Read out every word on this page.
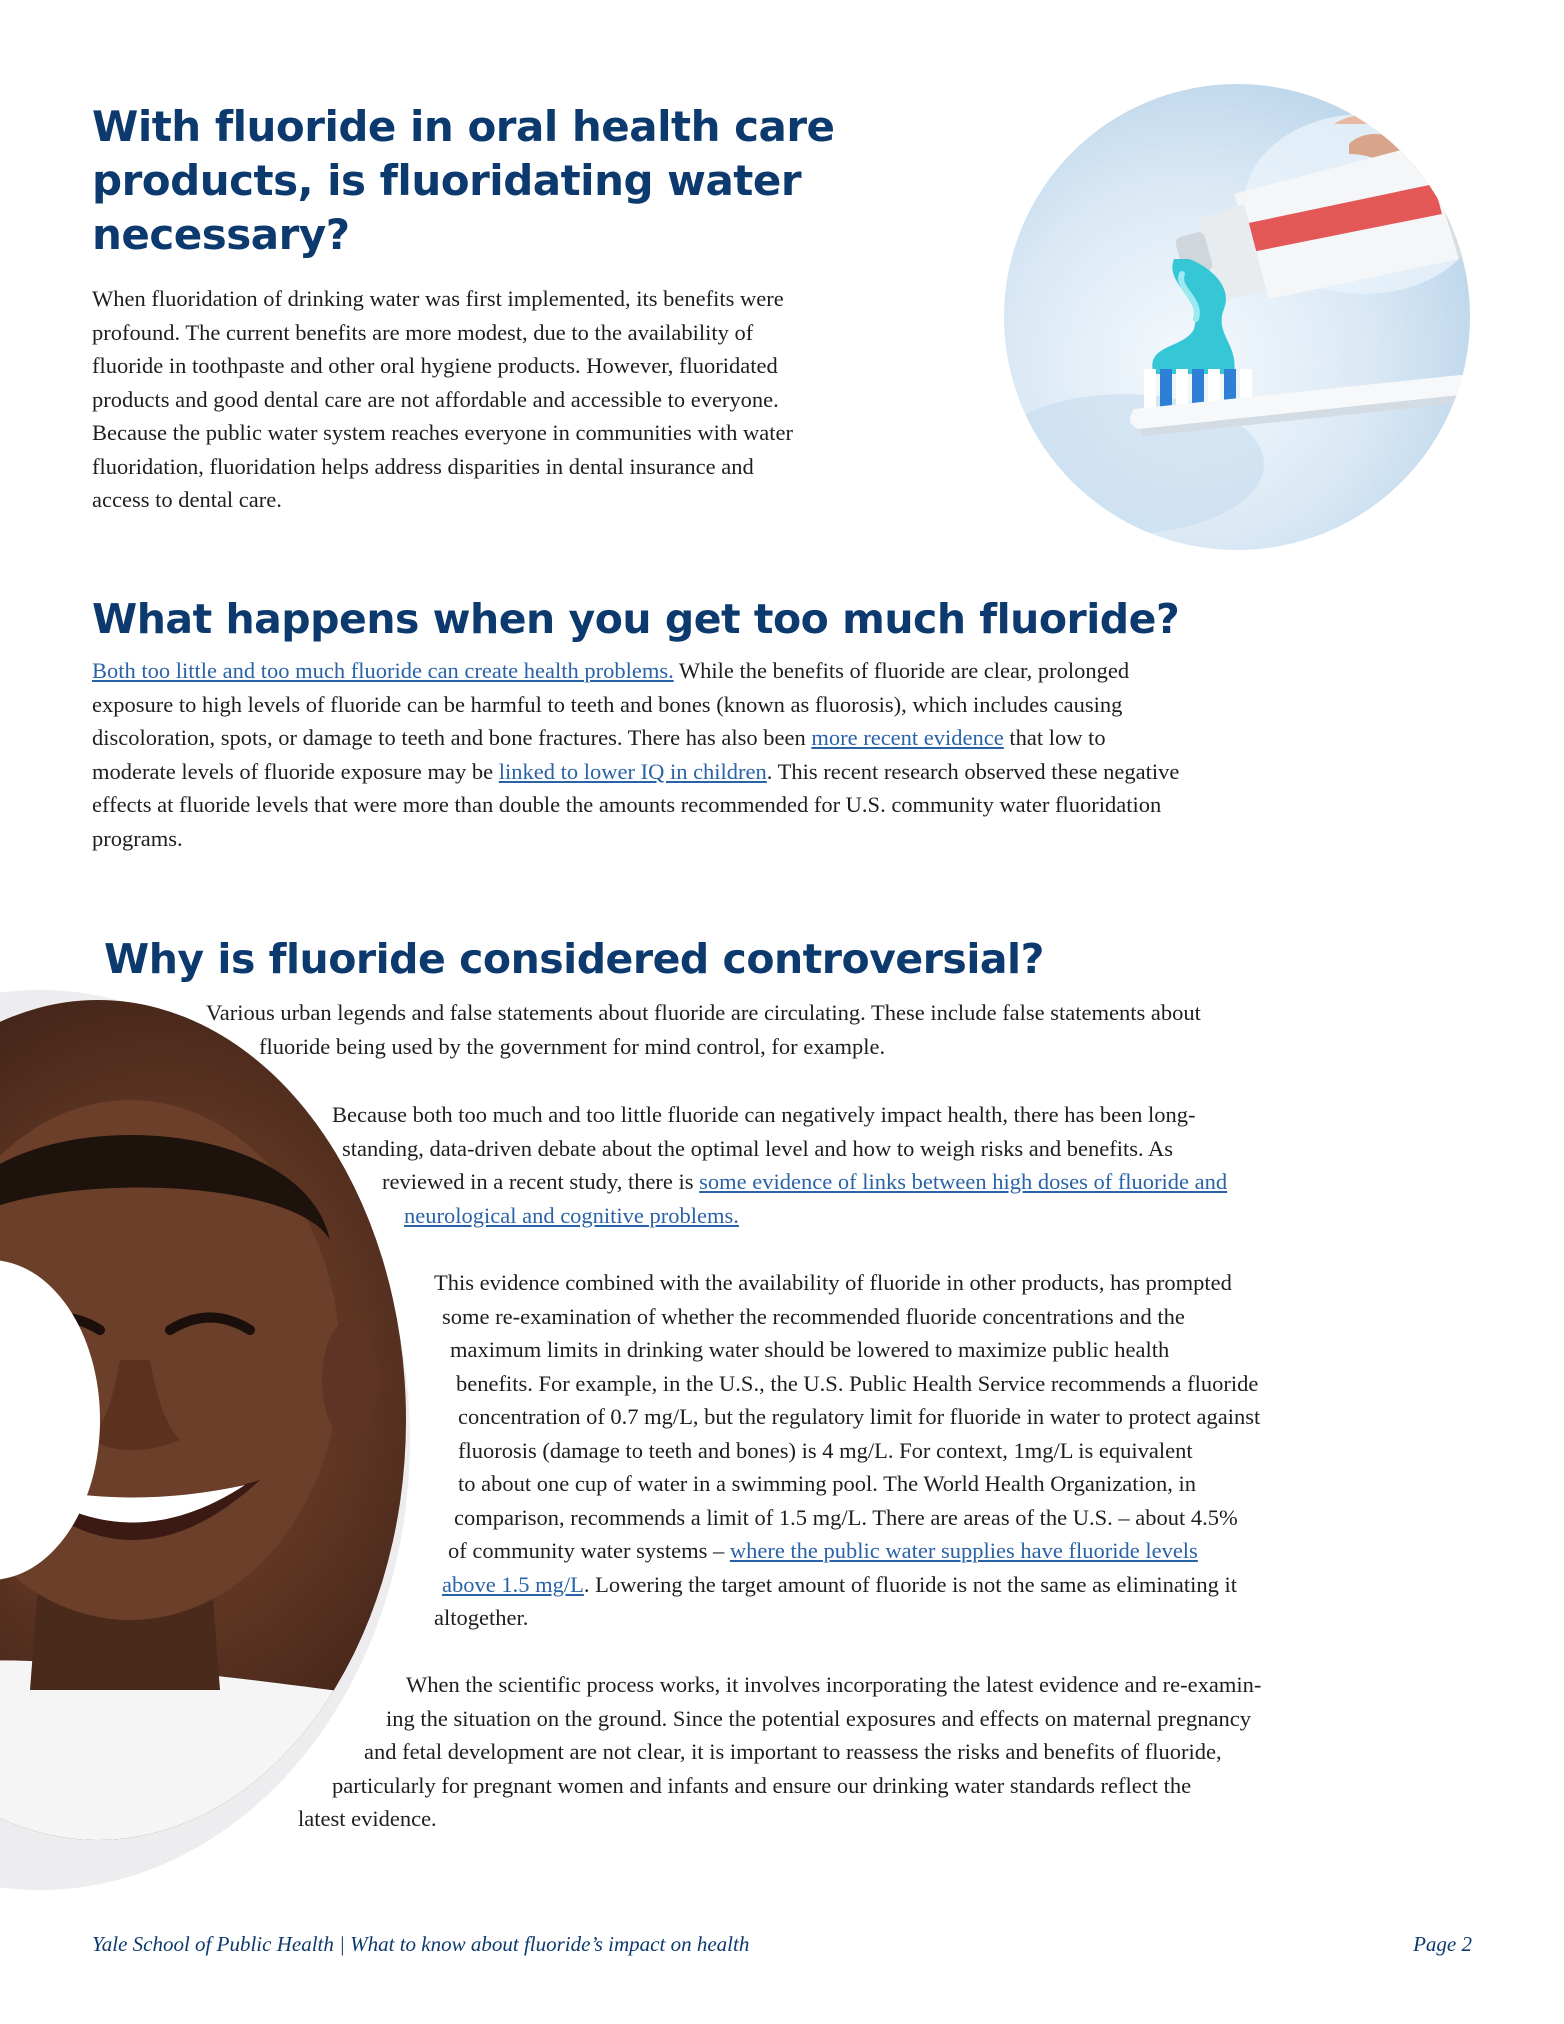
With fluoride in oral health care
products, is fluoridating water
necessary?
When fluoridation of drinking water was first implemented, its benefits were
profound. The current benefits are more modest, due to the availability of
fluoride in toothpaste and other oral hygiene products. However, fluoridated
products and good dental care are not affordable and accessible to everyone.
Because the public water system reaches everyone in communities with water
fluoridation, fluoridation helps address disparities in dental insurance and
access to dental care.
What happens when you get too much fluoride?
Both too little and too much fluoride can create health problems. While the benefits of fluoride are clear, prolonged
exposure to high levels of fluoride can be harmful to teeth and bones (known as fluorosis), which includes causing
discoloration, spots, or damage to teeth and bone fractures. There has also been more recent evidence that low to
moderate levels of fluoride exposure may be linked to lower IQ in children. This recent research observed these negative
effects at fluoride levels that were more than double the amounts recommended for U.S. community water fluoridation
programs.
Why is fluoride considered controversial?
Various urban legends and false statements about fluoride are circulating. These include false statements about
fluoride being used by the government for mind control, for example.
Because both too much and too little fluoride can negatively impact health, there has been long-
standing, data-driven debate about the optimal level and how to weigh risks and benefits. As
reviewed in a recent study, there is some evidence of links between high doses of fluoride and
neurological and cognitive problems.
This evidence combined with the availability of fluoride in other products, has prompted
some re-examination of whether the recommended fluoride concentrations and the
maximum limits in drinking water should be lowered to maximize public health
benefits. For example, in the U.S., the U.S. Public Health Service recommends a fluoride
concentration of 0.7 mg/L, but the regulatory limit for fluoride in water to protect against
fluorosis (damage to teeth and bones) is 4 mg/L. For context, 1mg/L is equivalent
to about one cup of water in a swimming pool. The World Health Organization, in
comparison, recommends a limit of 1.5 mg/L. There are areas of the U.S. – about 4.5%
of community water systems – where the public water supplies have fluoride levels
above 1.5 mg/L. Lowering the target amount of fluoride is not the same as eliminating it
altogether.
When the scientific process works, it involves incorporating the latest evidence and re-examin-
ing the situation on the ground. Since the potential exposures and effects on maternal pregnancy
and fetal development are not clear, it is important to reassess the risks and benefits of fluoride,
particularly for pregnant women and infants and ensure our drinking water standards reflect the
latest evidence.
Yale School of Public Health | What to know about fluoride’s impact on health	Page 2
